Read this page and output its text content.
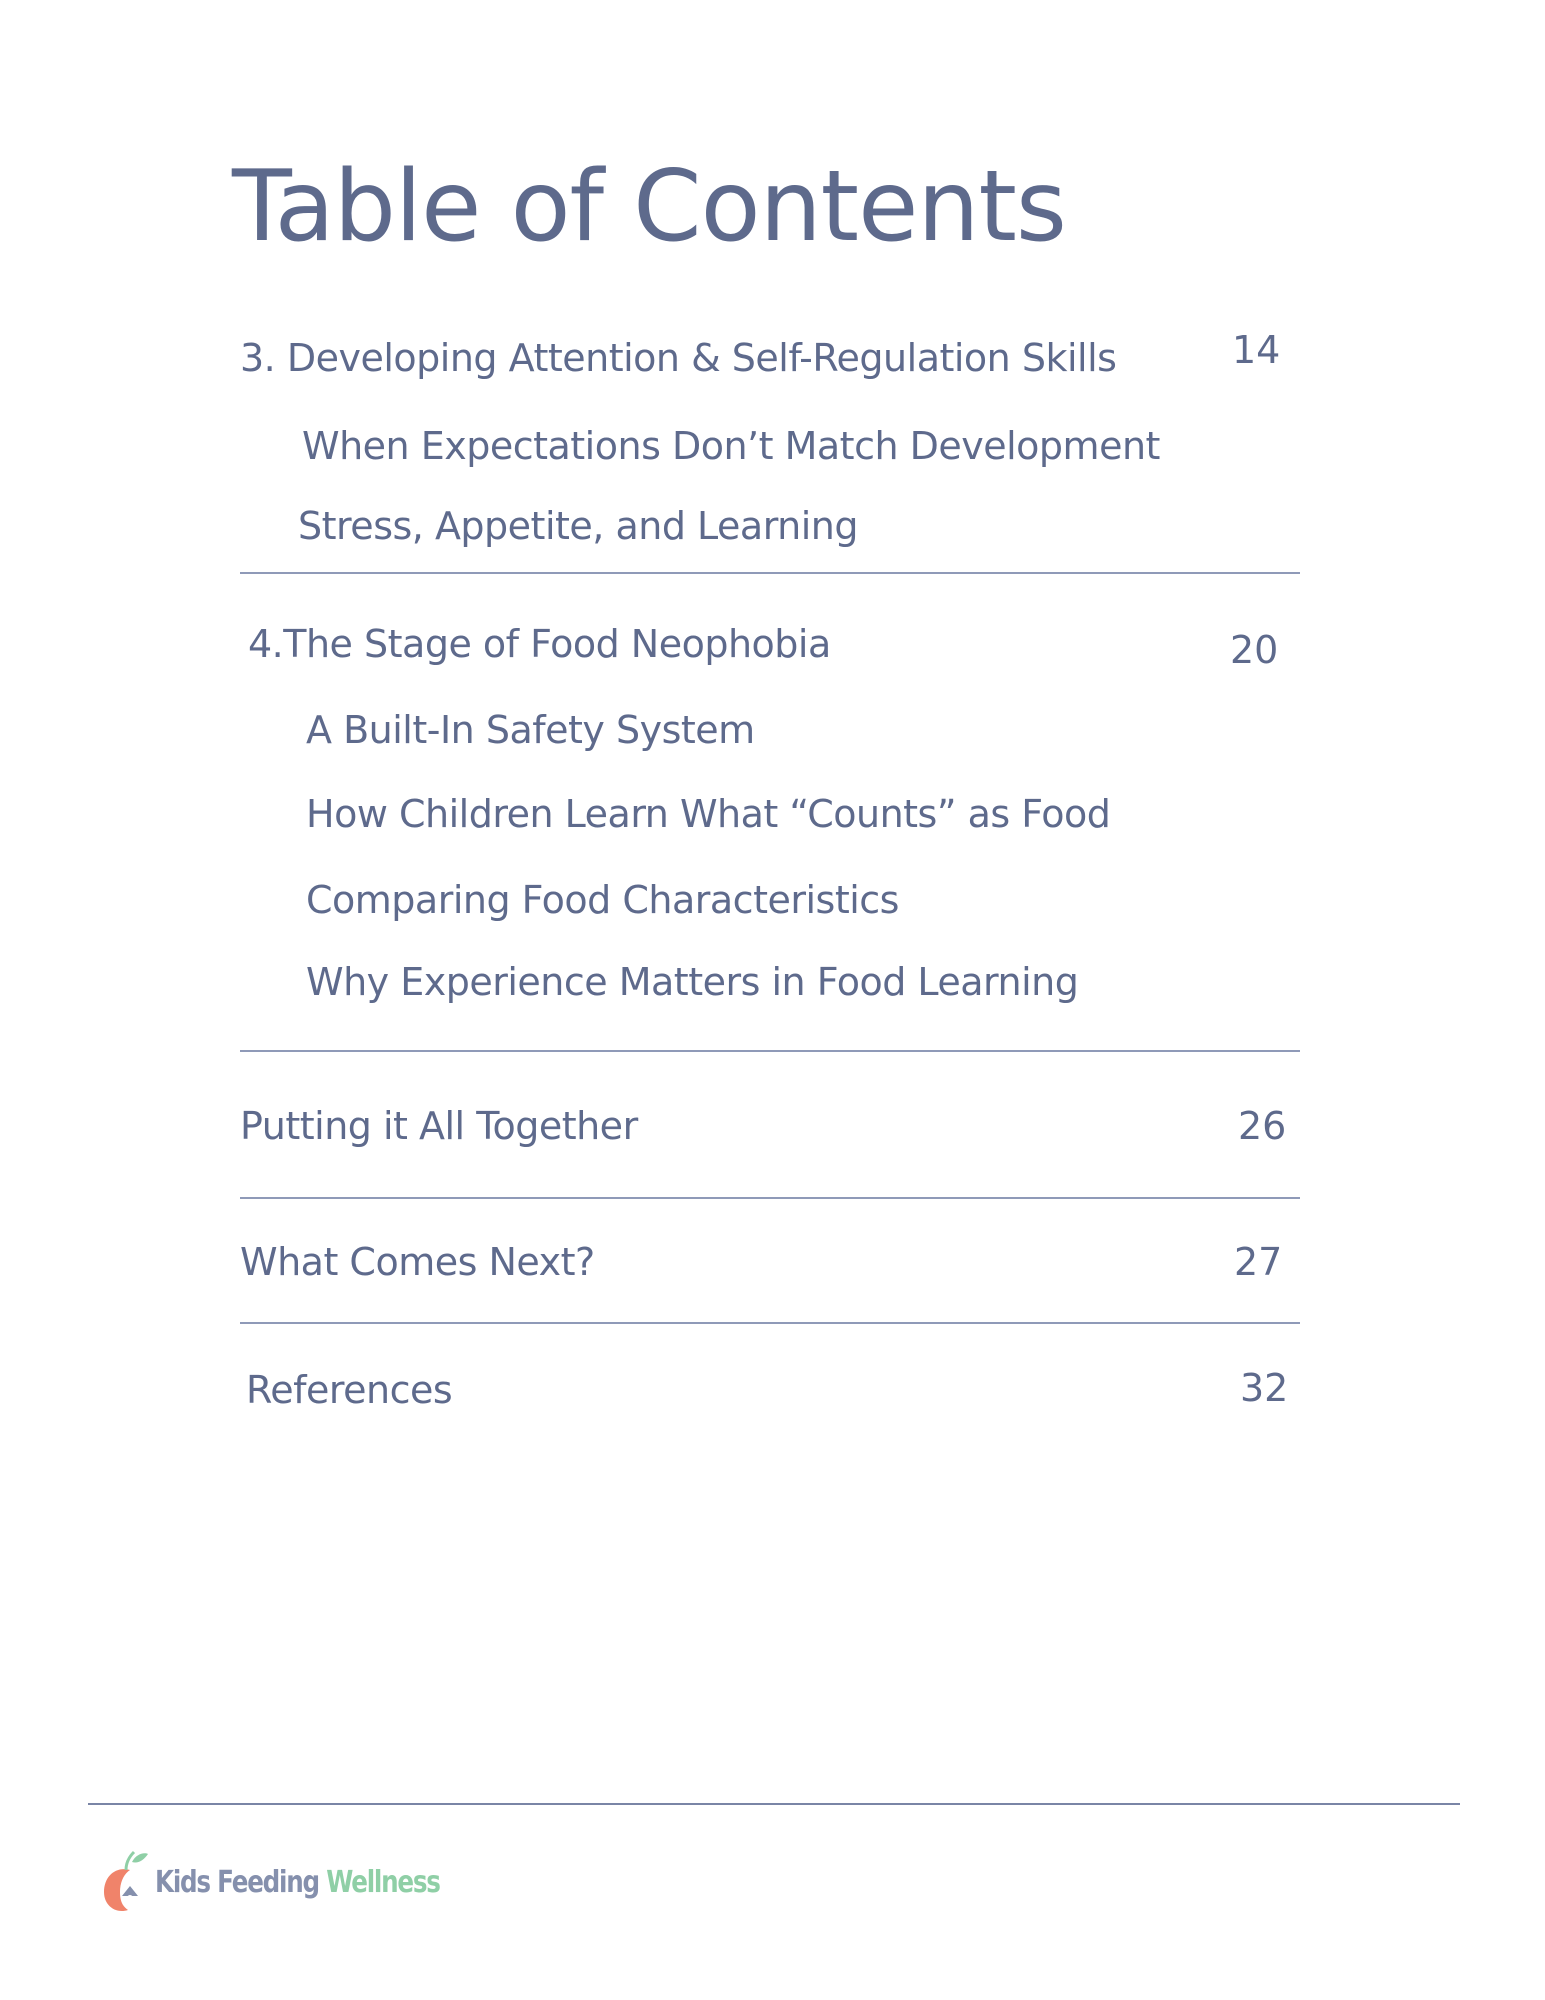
Table of Contents
3. Developing Attention & Self-Regulation Skills	14
When Expectations Don’t Match Development
Stress, Appetite, and Learning
4.The Stage of Food Neophobia	20
A Built-In Safety System
How Children Learn What “Counts” as Food
Comparing Food Characteristics
Why Experience Matters in Food Learning
Putting it All Together	26
What Comes Next?	27
References	32
Kids Feeding Wellness
